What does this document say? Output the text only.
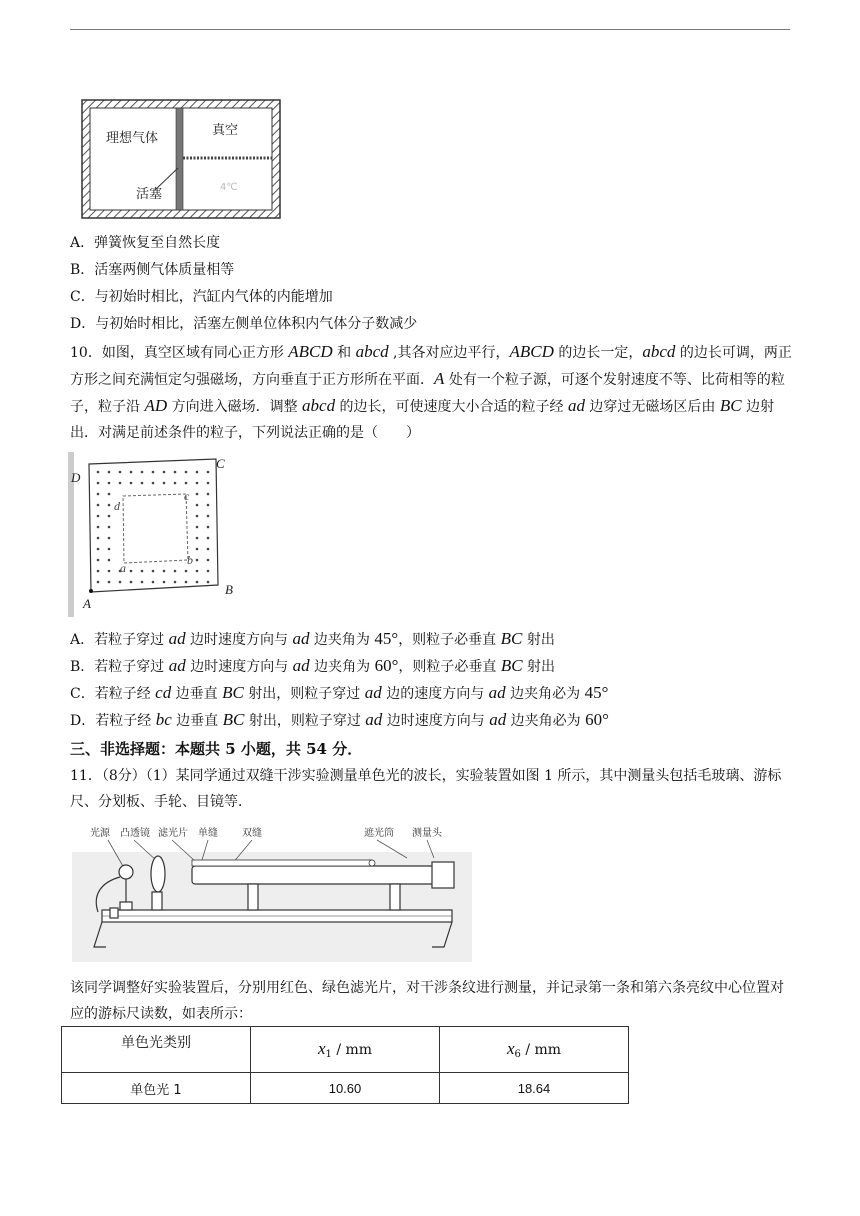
理想气体
真空
活塞	4℃
A．弹簧恢复至自然长度
B．活塞两侧气体质量相等
C．与初始时相比，汽缸内气体的内能增加
D．与初始时相比，活塞左侧单位体积内气体分子数减少
10．如图，真空区域有同心正方形 ABCD 和 abcd ,其各对应边平行，ABCD 的边长一定，abcd 的边长可调，两正方形之间充满恒定匀强磁场，方向垂直于正方形所在平面．A 处有一个粒子源，可逐个发射速度不等、比荷相等的粒子，粒子沿 AD 方向进入磁场．调整 abcd 的边长，可使速度大小合适的粒子经 ad 边穿过无磁场区后由 BC 边射出．对满足前述条件的粒子，下列说法正确的是（　　）
D
C
A
B
d
c
a
b
A．若粒子穿过 ad 边时速度方向与 ad 边夹角为 45°，则粒子必垂直 BC 射出
B．若粒子穿过 ad 边时速度方向与 ad 边夹角为 60°，则粒子必垂直 BC 射出
C．若粒子经 cd 边垂直 BC 射出，则粒子穿过 ad 边的速度方向与 ad 边夹角必为 45°
D．若粒子经 bc 边垂直 BC 射出，则粒子穿过 ad 边时速度方向与 ad 边夹角必为 60°
三、非选择题：本题共 5 小题，共 54 分．
11．（8分）（1）某同学通过双缝干涉实验测量单色光的波长，实验装置如图 1 所示，其中测量头包括毛玻璃、游标尺、分划板、手轮、目镜等．
光源 凸透镜 滤光片 单缝 双缝	遮光筒 测量头
该同学调整好实验装置后，分别用红色、绿色滤光片，对干涉条纹进行测量，并记录第一条和第六条亮纹中心位置对应的游标尺读数，如表所示：
单色光类别	$x_1$ / mm	$x_6$ / mm
单色光 1	10.60	18.64
